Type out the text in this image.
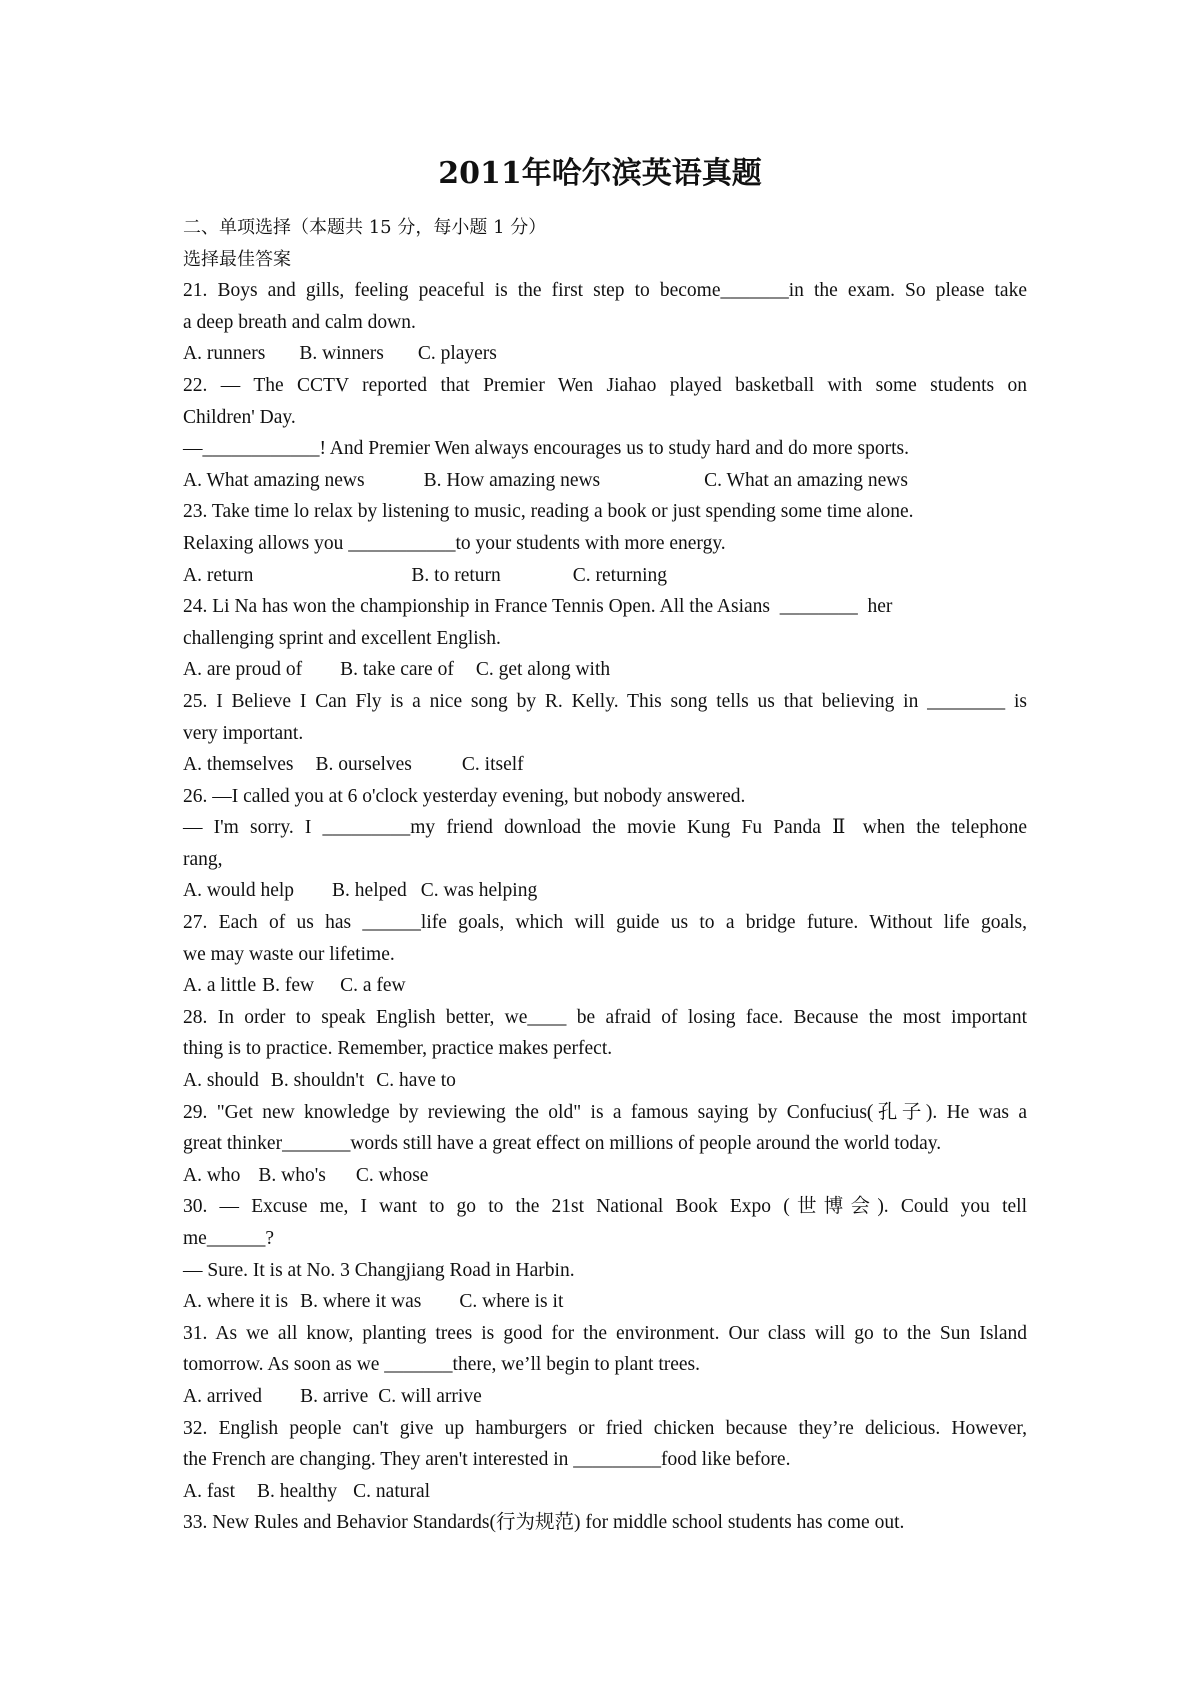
2011年哈尔滨英语真题
二、单项选择（本题共 15 分，每小题 1 分）
选择最佳答案
21. Boys and gills, feeling peaceful is the first step to become_______in the exam. So please take
a deep breath and calm down.
A. runners B. winners C. players
22. — The CCTV reported that Premier Wen Jiahao played basketball with some students on
Children' Day.
—____________! And Premier Wen always encourages us to study hard and do more sports.
A. What amazing news	B. How amazing news	C. What an amazing news
23. Take time lo relax by listening to music, reading a book or just spending some time alone.
Relaxing allows you ___________to your students with more energy.
A. return	B. to return	C. returning
24. Li Na has won the championship in France Tennis Open. All the Asians ________ her
challenging sprint and excellent English.
A. are proud of B. take care of C. get along with
25. I Believe I Can Fly is a nice song by R. Kelly. This song tells us that believing in ________ is
very important.
A. themselves B. ourselves	C. itself
26. —I called you at 6 o'clock yesterday evening, but nobody answered.
— I'm sorry. I _________my friend download the movie Kung Fu Panda Ⅱ when the telephone
rang,
A. would help B. helped C. was helping
27. Each of us has ______life goals, which will guide us to a bridge future. Without life goals,
we may waste our lifetime.
A. a little B. few C. a few
28. In order to speak English better, we____ be afraid of losing face. Because the most important
thing is to practice. Remember, practice makes perfect.
A. should B. shouldn't C. have to
29. "Get new knowledge by reviewing the old" is a famous saying by Confucius(孔子). He was a
great thinker_______words still have a great effect on millions of people around the world today.
A. who B. who's C. whose
30. — Excuse me, I want to go to the 21st National Book Expo (世博会). Could you tell
me______?
— Sure. It is at No. 3 Changjiang Road in Harbin.
A. where it is B. where it was C. where is it
31. As we all know, planting trees is good for the environment. Our class will go to the Sun Island
tomorrow. As soon as we _______there, we’ll begin to plant trees.
A. arrived B. arrive C. will arrive
32. English people can't give up hamburgers or fried chicken because they’re delicious. However,
the French are changing. They aren't interested in _________food like before.
A. fast B. healthy C. natural
33. New Rules and Behavior Standards(行为规范) for middle school students has come out.
